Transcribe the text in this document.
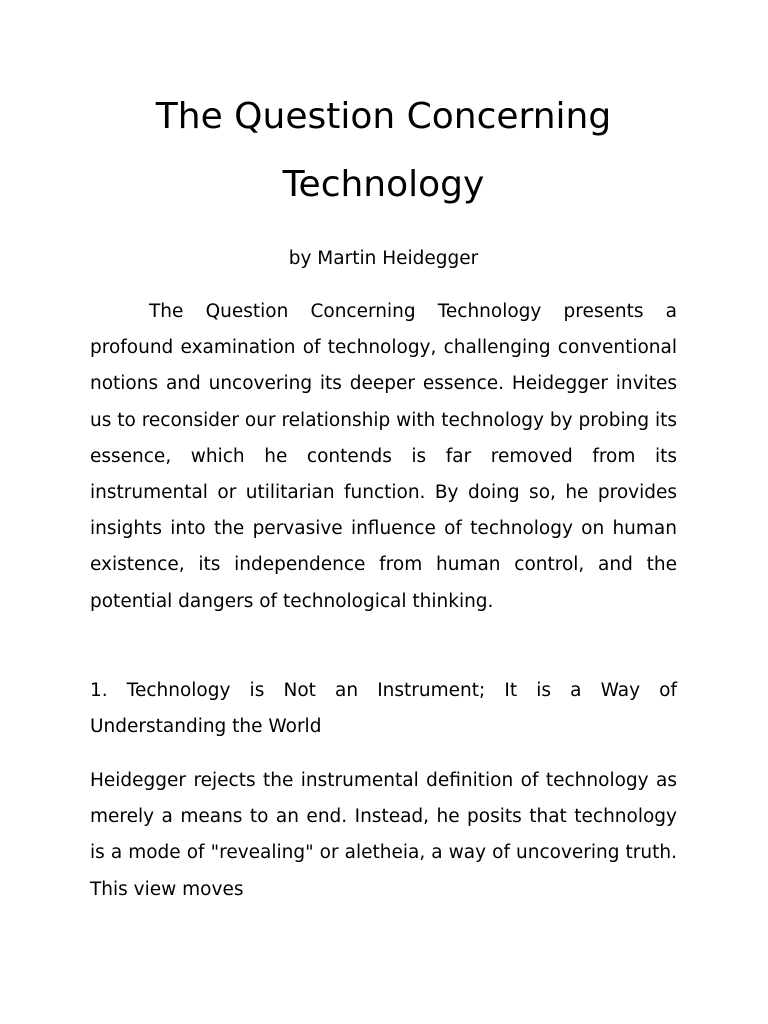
The Question Concerning Technology

by Martin Heidegger

The Question Concerning Technology presents a profound examination of technology, challenging conventional notions and uncovering its deeper essence. Heidegger invites us to reconsider our relationship with technology by probing its essence, which he contends is far removed from its instrumental or utilitarian function. By doing so, he provides insights into the pervasive influence of technology on human existence, its independence from human control, and the potential dangers of technological thinking.

1. Technology is Not an Instrument; It is a Way of Understanding the World

Heidegger rejects the instrumental definition of technology as merely a means to an end. Instead, he posits that technology is a mode of "revealing" or aletheia, a way of uncovering truth. This view moves
